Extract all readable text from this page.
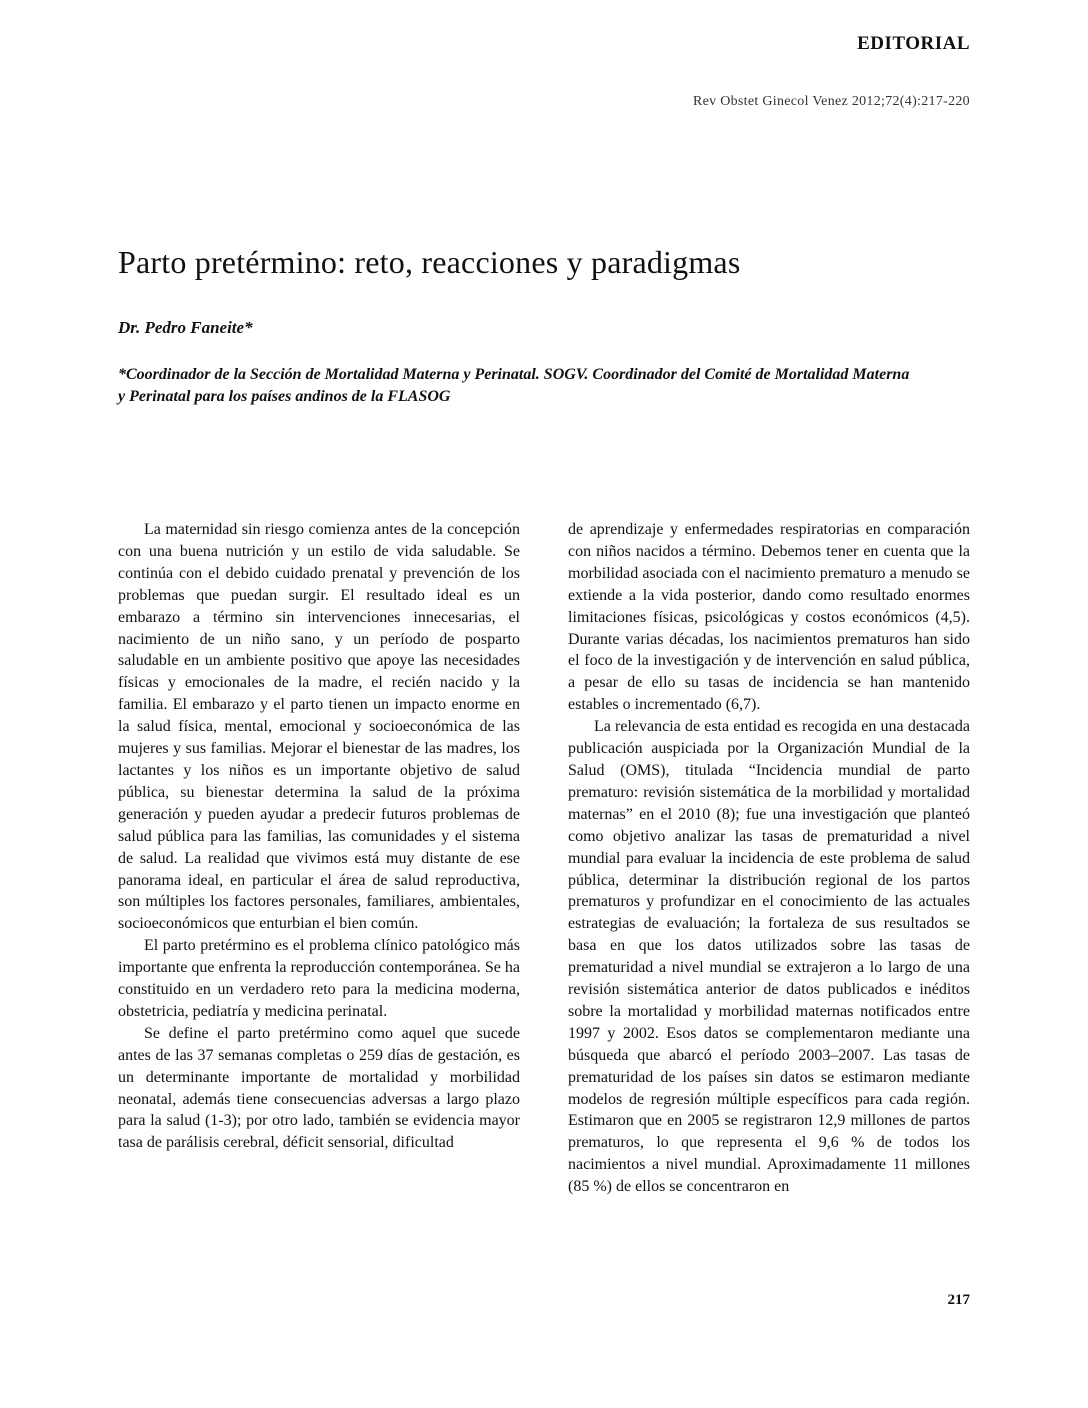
EDITORIAL
Rev Obstet Ginecol Venez 2012;72(4):217-220
Parto pretérmino: reto, reacciones y paradigmas
Dr. Pedro Faneite*
*Coordinador de la Sección de Mortalidad Materna y Perinatal. SOGV. Coordinador del Comité de Mortalidad Materna y Perinatal para los países andinos de la FLASOG

La maternidad sin riesgo comienza antes de la concepción con una buena nutrición y un estilo de vida saludable. Se continúa con el debido cuidado prenatal y prevención de los problemas que puedan surgir. El resultado ideal es un embarazo a término sin intervenciones innecesarias, el nacimiento de un niño sano, y un período de posparto saludable en un ambiente positivo que apoye las necesidades físicas y emocionales de la madre, el recién nacido y la familia. El embarazo y el parto tienen un impacto enorme en la salud física, mental, emocional y socioeconómica de las mujeres y sus familias. Mejorar el bienestar de las madres, los lactantes y los niños es un importante objetivo de salud pública, su bienestar determina la salud de la próxima generación y pueden ayudar a predecir futuros problemas de salud pública para las familias, las comunidades y el sistema de salud. La realidad que vivimos está muy distante de ese panorama ideal, en particular el área de salud reproductiva, son múltiples los factores personales, familiares, ambientales, socioeconómicos que enturbian el bien común.

El parto pretérmino es el problema clínico patológico más importante que enfrenta la reproducción contemporánea. Se ha constituido en un verdadero reto para la medicina moderna, obstetricia, pediatría y medicina perinatal.

Se define el parto pretérmino como aquel que sucede antes de las 37 semanas completas o 259 días de gestación, es un determinante importante de mortalidad y morbilidad neonatal, además tiene consecuencias adversas a largo plazo para la salud (1-3); por otro lado, también se evidencia mayor tasa de parálisis cerebral, déficit sensorial, dificultad

de aprendizaje y enfermedades respiratorias en comparación con niños nacidos a término. Debemos tener en cuenta que la morbilidad asociada con el nacimiento prematuro a menudo se extiende a la vida posterior, dando como resultado enormes limitaciones físicas, psicológicas y costos económicos (4,5). Durante varias décadas, los nacimientos prematuros han sido el foco de la investigación y de intervención en salud pública, a pesar de ello su tasas de incidencia se han mantenido estables o incrementado (6,7).

La relevancia de esta entidad es recogida en una destacada publicación auspiciada por la Organización Mundial de la Salud (OMS), titulada “Incidencia mundial de parto prematuro: revisión sistemática de la morbilidad y mortalidad maternas” en el 2010 (8); fue una investigación que planteó como objetivo analizar las tasas de prematuridad a nivel mundial para evaluar la incidencia de este problema de salud pública, determinar la distribución regional de los partos prematuros y profundizar en el conocimiento de las actuales estrategias de evaluación; la fortaleza de sus resultados se basa en que los datos utilizados sobre las tasas de prematuridad a nivel mundial se extrajeron a lo largo de una revisión sistemática anterior de datos publicados e inéditos sobre la mortalidad y morbilidad maternas notificados entre 1997 y 2002. Esos datos se complementaron mediante una búsqueda que abarcó el período 2003–2007. Las tasas de prematuridad de los países sin datos se estimaron mediante modelos de regresión múltiple específicos para cada región. Estimaron que en 2005 se registraron 12,9 millones de partos prematuros, lo que representa el 9,6 % de todos los nacimientos a nivel mundial. Aproximadamente 11 millones (85 %) de ellos se concentraron en

217
